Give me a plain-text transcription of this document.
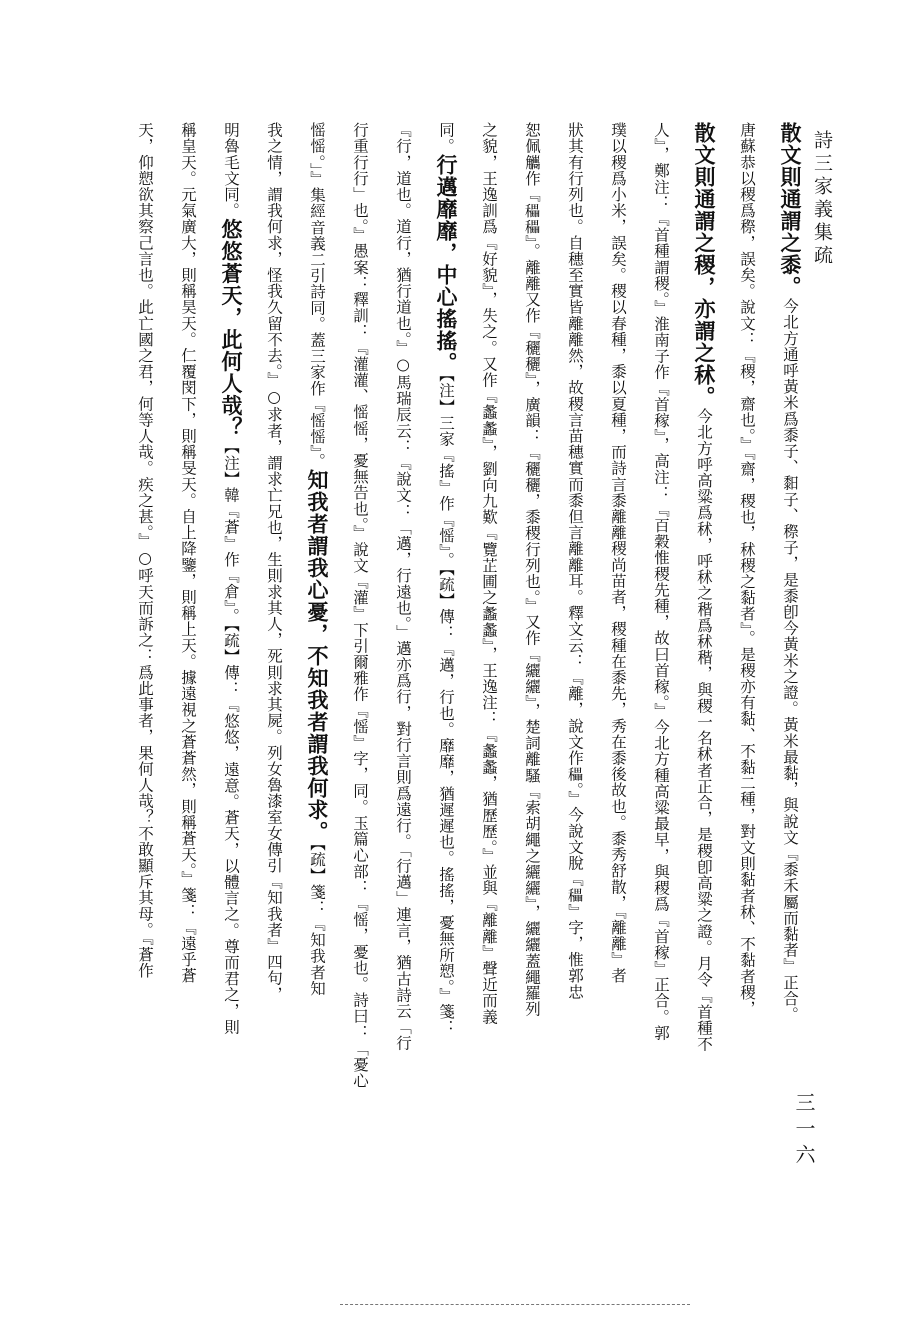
詩三家義集疏
三一六
散文則通謂之黍。今北方通呼黃米爲黍子、䵒子、穄子，是黍卽今黃米之證。黃米最黏，與說文『黍禾屬而黏者』正合。
唐蘇恭以稷爲穄，誤矣。說文：『稷，齋也。』『齋，稷也，秫稷之黏者』。是稷亦有黏、不黏二種，對文則黏者秫、不黏者稷，
散文則通謂之稷，亦謂之秫。今北方呼高粱爲秫，呼秫之稭爲秫稭，與稷一名秫者正合，是稷卽高粱之證。月令『首種不
人』，鄭注：『首種謂稷。』淮南子作『首稼』，高注：『百穀惟稷先種，故曰首稼。』今北方種高粱最早，與稷爲『首稼』正合。郭
璞以稷爲小米，誤矣。稷以春種，黍以夏種，而詩言黍離離稷尚苗者，稷種在黍先，秀在黍後故也。黍秀舒散，『離離』者
狀其有行列也。自穗至實皆離離然，故稷言苗穗實而黍但言離離耳。釋文云：『離，說文作𥣬。』今說文脫『𥣬』字，惟郭忠
恕佩觿作『𥣬𥣬』。離離又作『穲穲』，廣韻：『穲穲，黍稷行列也。』又作『纚纚』，楚詞離騷『索胡繩之纚纚』，纚纚蓋繩羅列
之貌，王逸訓爲『好貌』，失之。又作『蠡蠡』，劉向九歎『覽芷圃之蠡蠡』，王逸注：『蠡蠡，猶歷歷。』並與『離離』聲近而義
同。行邁靡靡，中心搖搖。【注】三家『搖』作『愮』。【疏】傳：『邁，行也。靡靡，猶遲遲也。搖搖，憂無所愬。』箋：
『行，道也。道行，猶行道也。』○馬瑞辰云：『說文：「邁，行遠也。」邁亦爲行，對行言則爲遠行。「行邁」連言，猶古詩云「行
行重行行」也。』愚案：釋訓：『灌灌、愮愮，憂無告也。』說文『灌』下引爾雅作『愮』字，同。玉篇心部：『愮，憂也。詩曰：「憂心
愮愮。」』集經音義二引詩同。蓋三家作『愮愮』。知我者謂我心憂，不知我者謂我何求。【疏】箋：『知我者知
我之情，謂我何求，怪我久留不去。』○求者，謂求亡兄也，生則求其人，死則求其屍。列女魯漆室女傳引『知我者』四句，
明魯毛文同。悠悠蒼天，此何人哉？【注】韓『蒼』作『倉』。【疏】傳：『悠悠，遠意。蒼天，以體言之。尊而君之，則
稱皇天。元氣廣大，則稱昊天。仁覆閔下，則稱旻天。自上降鑒，則稱上天。據遠視之蒼蒼然，則稱蒼天。』箋：『遠乎蒼
天，仰愬欲其察己言也。此亡國之君，何等人哉。疾之甚。』○呼天而訴之：爲此事者，果何人哉？不敢顯斥其母。『蒼作
